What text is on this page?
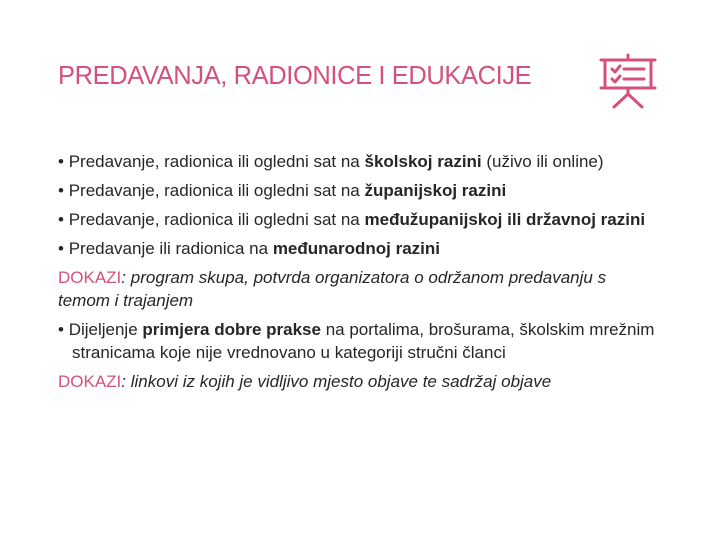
PREDAVANJA, RADIONICE I EDUKACIJE

• Predavanje, radionica ili ogledni sat na školskoj razini (uživo ili online)

• Predavanje, radionica ili ogledni sat na županijskoj razini

• Predavanje, radionica ili ogledni sat na međužupanijskoj ili državnoj razini

• Predavanje ili radionica na međunarodnoj razini

DOKAZI: program skupa, potvrda organizatora o održanom predavanju s temom i trajanjem

• Dijeljenje primjera dobre prakse na portalima, brošurama, školskim mrežnim stranicama koje nije vrednovano u kategoriji stručni članci

DOKAZI: linkovi iz kojih je vidljivo mjesto objave te sadržaj objave
